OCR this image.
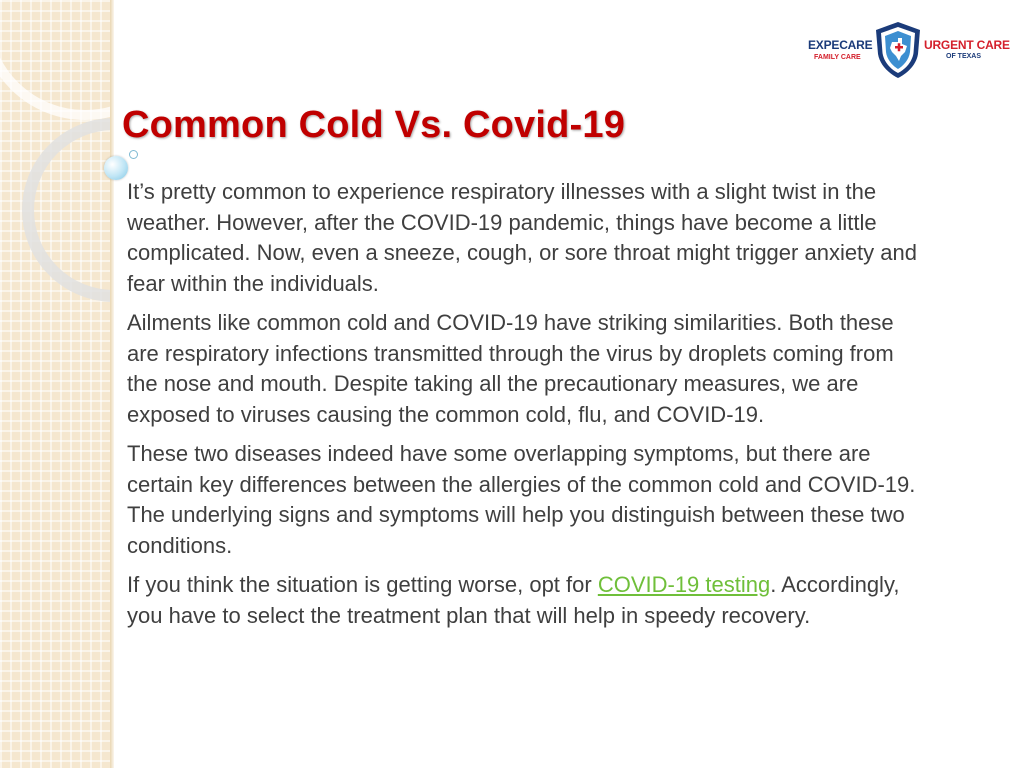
EXPECARE
FAMILY CARE
URGENT CARE
OF TEXAS
Common Cold Vs. Covid-19

It’s pretty common to experience respiratory illnesses with a slight twist in the weather. However, after the COVID-19 pandemic, things have become a little complicated. Now, even a sneeze, cough, or sore throat might trigger anxiety and fear within the individuals.

Ailments like common cold and COVID-19 have striking similarities. Both these are respiratory infections transmitted through the virus by droplets coming from the nose and mouth. Despite taking all the precautionary measures, we are exposed to viruses causing the common cold, flu, and COVID-19.

These two diseases indeed have some overlapping symptoms, but there are certain key differences between the allergies of the common cold and COVID-19. The underlying signs and symptoms will help you distinguish between these two conditions.

If you think the situation is getting worse, opt for COVID-19 testing. Accordingly, you have to select the treatment plan that will help in speedy recovery.
